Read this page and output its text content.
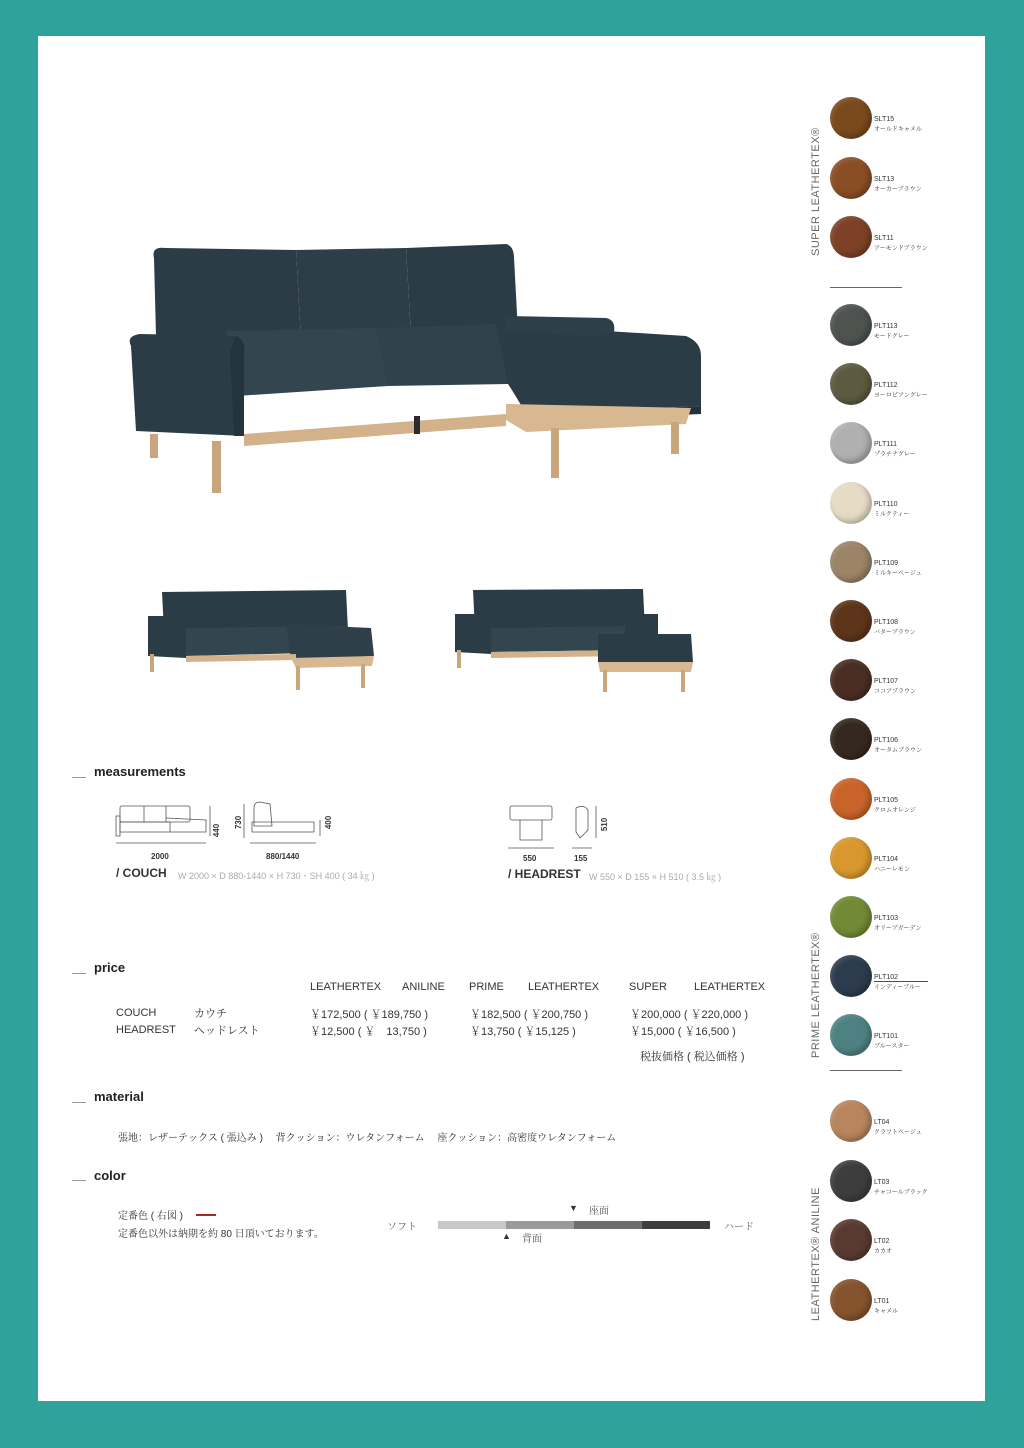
measurements
2000	880/1440
440
730	400
/ COUCH W 2000 × D 880-1440 × H 730・SH 400 ( 34 ㎏ )
550	155
510
/ HEADREST W 550 × D 155 × H 510 ( 3.5 ㎏ )
price
LEATHERTEX ANILINE PRIME LEATHERTEX	SUPER LEATHERTEX
COUCH	カウチ	￥172,500 ( ￥189,750 )	￥182,500 ( ￥200,750 )	￥200,000 ( ￥220,000 )
HEADREST ヘッドレスト	￥12,500 ( ￥　13,750 )	￥13,750 ( ￥15,125 )	￥15,000 ( ￥16,500 )
税抜価格 ( 税込価格 )
material
張地：レザーテックス ( 張込み )　 背クッション：ウレタンフォーム　 座クッション：高密度ウレタンフォーム
color
定番色 ( 右図 )
定番色以外は納期を約 80 日頂いております。
ソフト	ハード
▼ 座面
▲ 背面
SUPER LEATHERTEX®
PRIME LEATHERTEX®
LEATHERTEX® ANILINE
SLT15
オールドキャメル
SLT13
オーカーブラウン
SLT11
アーモンドブラウン
PLT113
モードグレー
PLT112
ヨーロピアングレー
PLT111
プラチナグレー
PLT110
ミルクティー
PLT109
ミルキーベージュ
PLT108
バターブラウン
PLT107
ココアブラウン
PLT106
オータムブラウン
PLT105
クロムオレンジ
PLT104
ハニーレモン
PLT103
オリーブガーデン
PLT102
インディーブルー
PLT101
ブルースター
LT04
クラフトベージュ
LT03
チャコールブラック
LT02
カカオ
LT01
キャメル
